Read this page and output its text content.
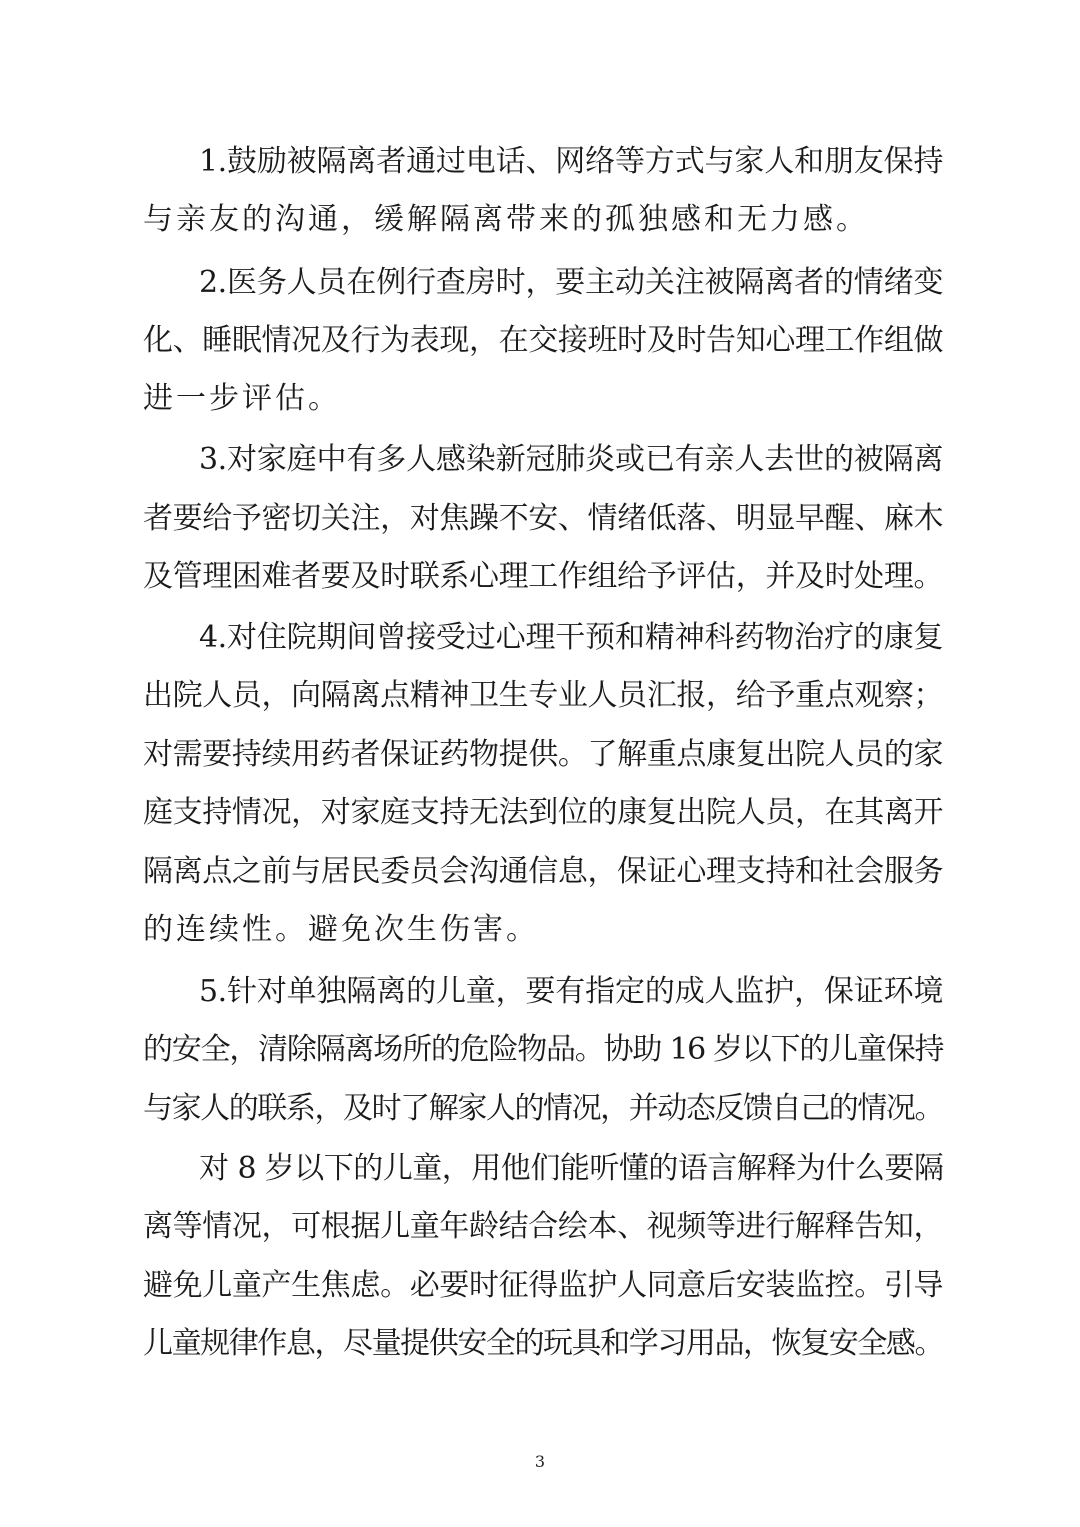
1.鼓励被隔离者通过电话、网络等方式与家人和朋友保持
与亲友的沟通，缓解隔离带来的孤独感和无力感。
2.医务人员在例行查房时，要主动关注被隔离者的情绪变
化、睡眠情况及行为表现，在交接班时及时告知心理工作组做
进一步评估。
3.对家庭中有多人感染新冠肺炎或已有亲人去世的被隔离
者要给予密切关注，对焦躁不安、情绪低落、明显早醒、麻木
及管理困难者要及时联系心理工作组给予评估，并及时处理。
4.对住院期间曾接受过心理干预和精神科药物治疗的康复
出院人员，向隔离点精神卫生专业人员汇报，给予重点观察；
对需要持续用药者保证药物提供。了解重点康复出院人员的家
庭支持情况，对家庭支持无法到位的康复出院人员，在其离开
隔离点之前与居民委员会沟通信息，保证心理支持和社会服务
的连续性。避免次生伤害。
5.针对单独隔离的儿童，要有指定的成人监护，保证环境
的安全，清除隔离场所的危险物品。协助 16 岁以下的儿童保持
与家人的联系，及时了解家人的情况，并动态反馈自己的情况。
对 8 岁以下的儿童，用他们能听懂的语言解释为什么要隔
离等情况，可根据儿童年龄结合绘本、视频等进行解释告知，
避免儿童产生焦虑。必要时征得监护人同意后安装监控。引导
儿童规律作息，尽量提供安全的玩具和学习用品，恢复安全感。
3
